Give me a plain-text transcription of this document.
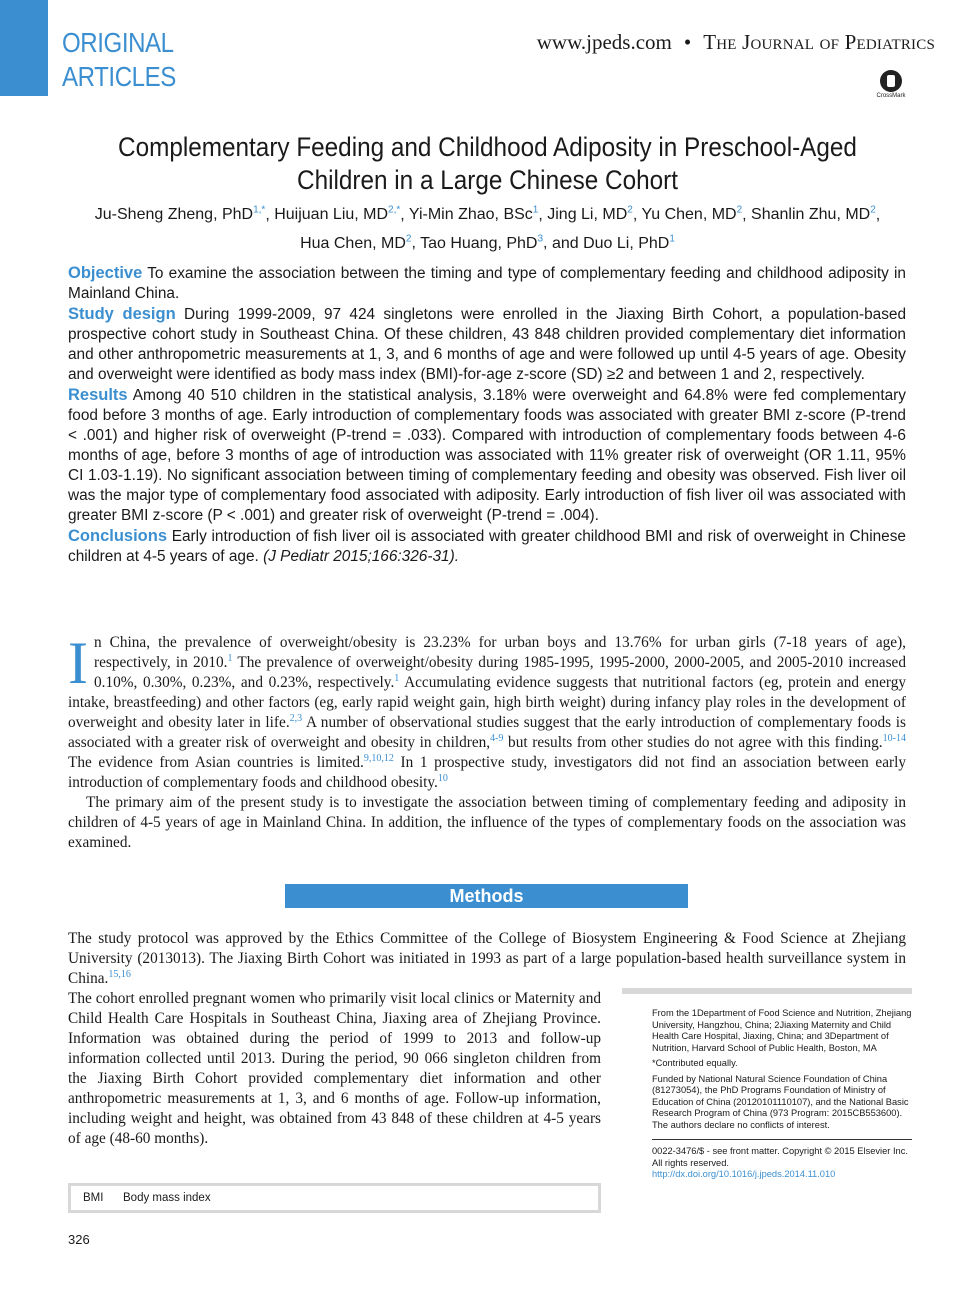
ORIGINAL
ARTICLES
www.jpeds.com • The Journal of Pediatrics
CrossMark
Complementary Feeding and Childhood Adiposity in Preschool-Aged Children in a Large Chinese Cohort
Ju-Sheng Zheng, PhD$^{1,*}$, Huijuan Liu, $MD^{2,*}$, Yi-Min Zhao, BSc$^1$, Jing Li, $MD^2$, Yu Chen, $MD^2$, Shanlin Zhu, $MD^2$,
Hua Chen, $MD^2$, Tao Huang, PhD$^3$, and Duo Li, PhD$^1$

Objective To examine the association between the timing and type of complementary feeding and childhood adiposity in Mainland China.

Study design During 1999-2009, 97 424 singletons were enrolled in the Jiaxing Birth Cohort, a population-based prospective cohort study in Southeast China. Of these children, 43 848 children provided complementary diet information and other anthropometric measurements at 1, 3, and 6 months of age and were followed up until 4-5 years of age. Obesity and overweight were identified as body mass index (BMI)-for-age z-score (SD) ≥2 and between 1 and 2, respectively.

Results Among 40 510 children in the statistical analysis, 3.18% were overweight and 64.8% were fed complementary food before 3 months of age. Early introduction of complementary foods was associated with greater BMI z-score (P-trend < .001) and higher risk of overweight (P-trend = .033). Compared with introduction of complementary foods between 4-6 months of age, before 3 months of age of introduction was associated with 11% greater risk of overweight (OR 1.11, 95% CI 1.03-1.19). No significant association between timing of complementary feeding and obesity was observed. Fish liver oil was the major type of complementary food associated with adiposity. Early introduction of fish liver oil was associated with greater BMI z-score (P < .001) and greater risk of overweight (P-trend = .004).

Conclusions Early introduction of fish liver oil is associated with greater childhood BMI and risk of overweight in Chinese children at 4-5 years of age. (J Pediatr 2015;166:326-31).

In China, the prevalence of overweight/obesity is 23.23% for urban boys and 13.76% for urban girls (7-18 years of age), respectively, in 2010.$^1$ The prevalence of overweight/obesity during 1985-1995, 1995-2000, 2000-2005, and 2005-2010 increased 0.10%, 0.30%, 0.23%, and 0.23%, respectively.$^1$ Accumulating evidence suggests that nutritional factors (eg, protein and energy intake, breastfeeding) and other factors (eg, early rapid weight gain, high birth weight) during infancy play roles in the development of overweight and obesity later in life.$^{2,3}$ A number of observational studies suggest that the early introduction of complementary foods is associated with a greater risk of overweight and obesity in children,$^{4-9}$ but results from other studies do not agree with this finding.$^{10-14}$ The evidence from Asian countries is limited.$^{9,10,12}$ In 1 prospective study, investigators did not find an association between early introduction of complementary foods and childhood obesity.$^{10}$

The primary aim of the present study is to investigate the association between timing of complementary feeding and adiposity in children of 4-5 years of age in Mainland China. In addition, the influence of the types of complementary foods on the association was examined.

Methods

The study protocol was approved by the Ethics Committee of the College of Biosystem Engineering & Food Science at Zhejiang University (2013013). The Jiaxing Birth Cohort was initiated in 1993 as part of a large population-based health surveillance system in China.$^{15,16}$

The cohort enrolled pregnant women who primarily visit local clinics or Maternity and Child Health Care Hospitals in Southeast China, Jiaxing area of Zhejiang Province. Information was obtained during the period of 1999 to 2013 and follow-up information collected until 2013. During the period, 90 066 singleton children from the Jiaxing Birth Cohort provided complementary diet information and other anthropometric measurements at 1, 3, and 6 months of age. Follow-up information, including weight and height, was obtained from 43 848 of these children at 4-5 years of age (48-60 months).

From the 1Department of Food Science and Nutrition, Zhejiang University, Hangzhou, China; 2Jiaxing Maternity and Child Health Care Hospital, Jiaxing, China; and 3Department of Nutrition, Harvard School of Public Health, Boston, MA

*Contributed equally.

Funded by National Natural Science Foundation of China (81273054), the PhD Programs Foundation of Ministry of Education of China (20120101110107), and the National Basic Research Program of China (973 Program: 2015CB553600). The authors declare no conflicts of interest.

0022-3476/$ - see front matter. Copyright © 2015 Elsevier Inc. All rights reserved.
http://dx.doi.org/10.1016/j.jpeds.2014.11.010
BMI Body mass index
326
